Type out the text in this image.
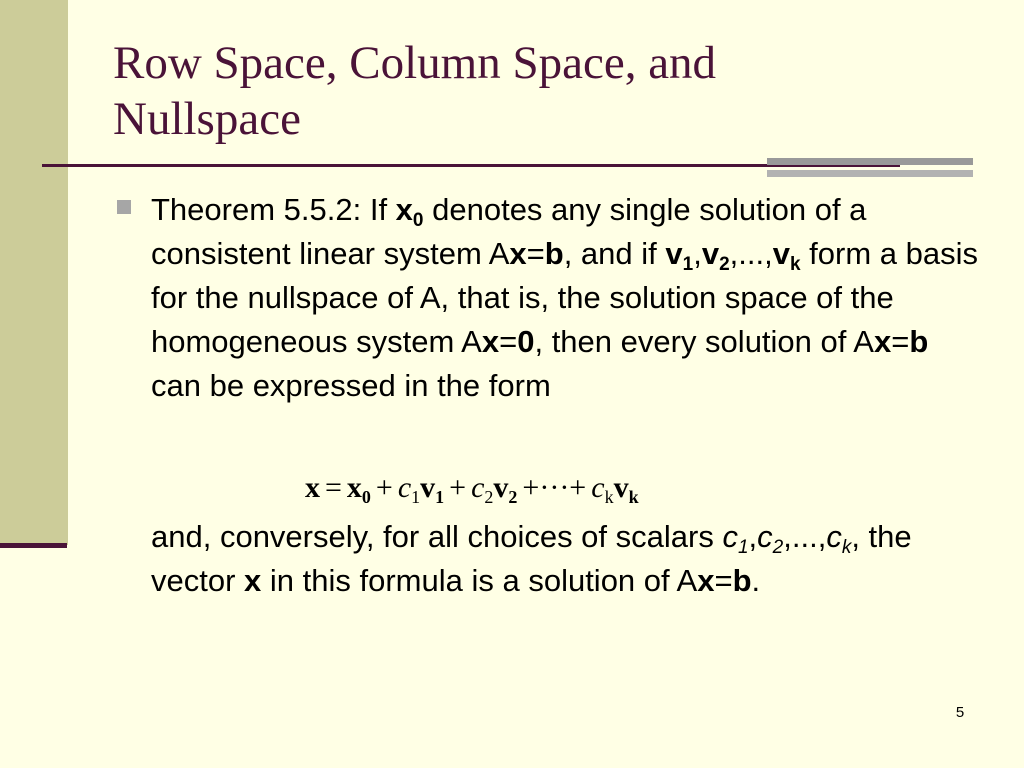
Row Space, Column Space, and
Nullspace

Theorem 5.5.2: If $x_0$ denotes any single solution of a consistent linear system Ax=b, and if $v_1,v_2,...,v_k$ form a basis for the nullspace of A, that is, the solution space of the homogeneous system Ax=0, then every solution of Ax=b can be expressed in the form

$x = x_0 + c_1v_1 + c_2v_2$ +···+ $c_kv_k$

and, conversely, for all choices of scalars $c_1,c_2,...,c_k$, the vector x in this formula is a solution of Ax=b.

5
